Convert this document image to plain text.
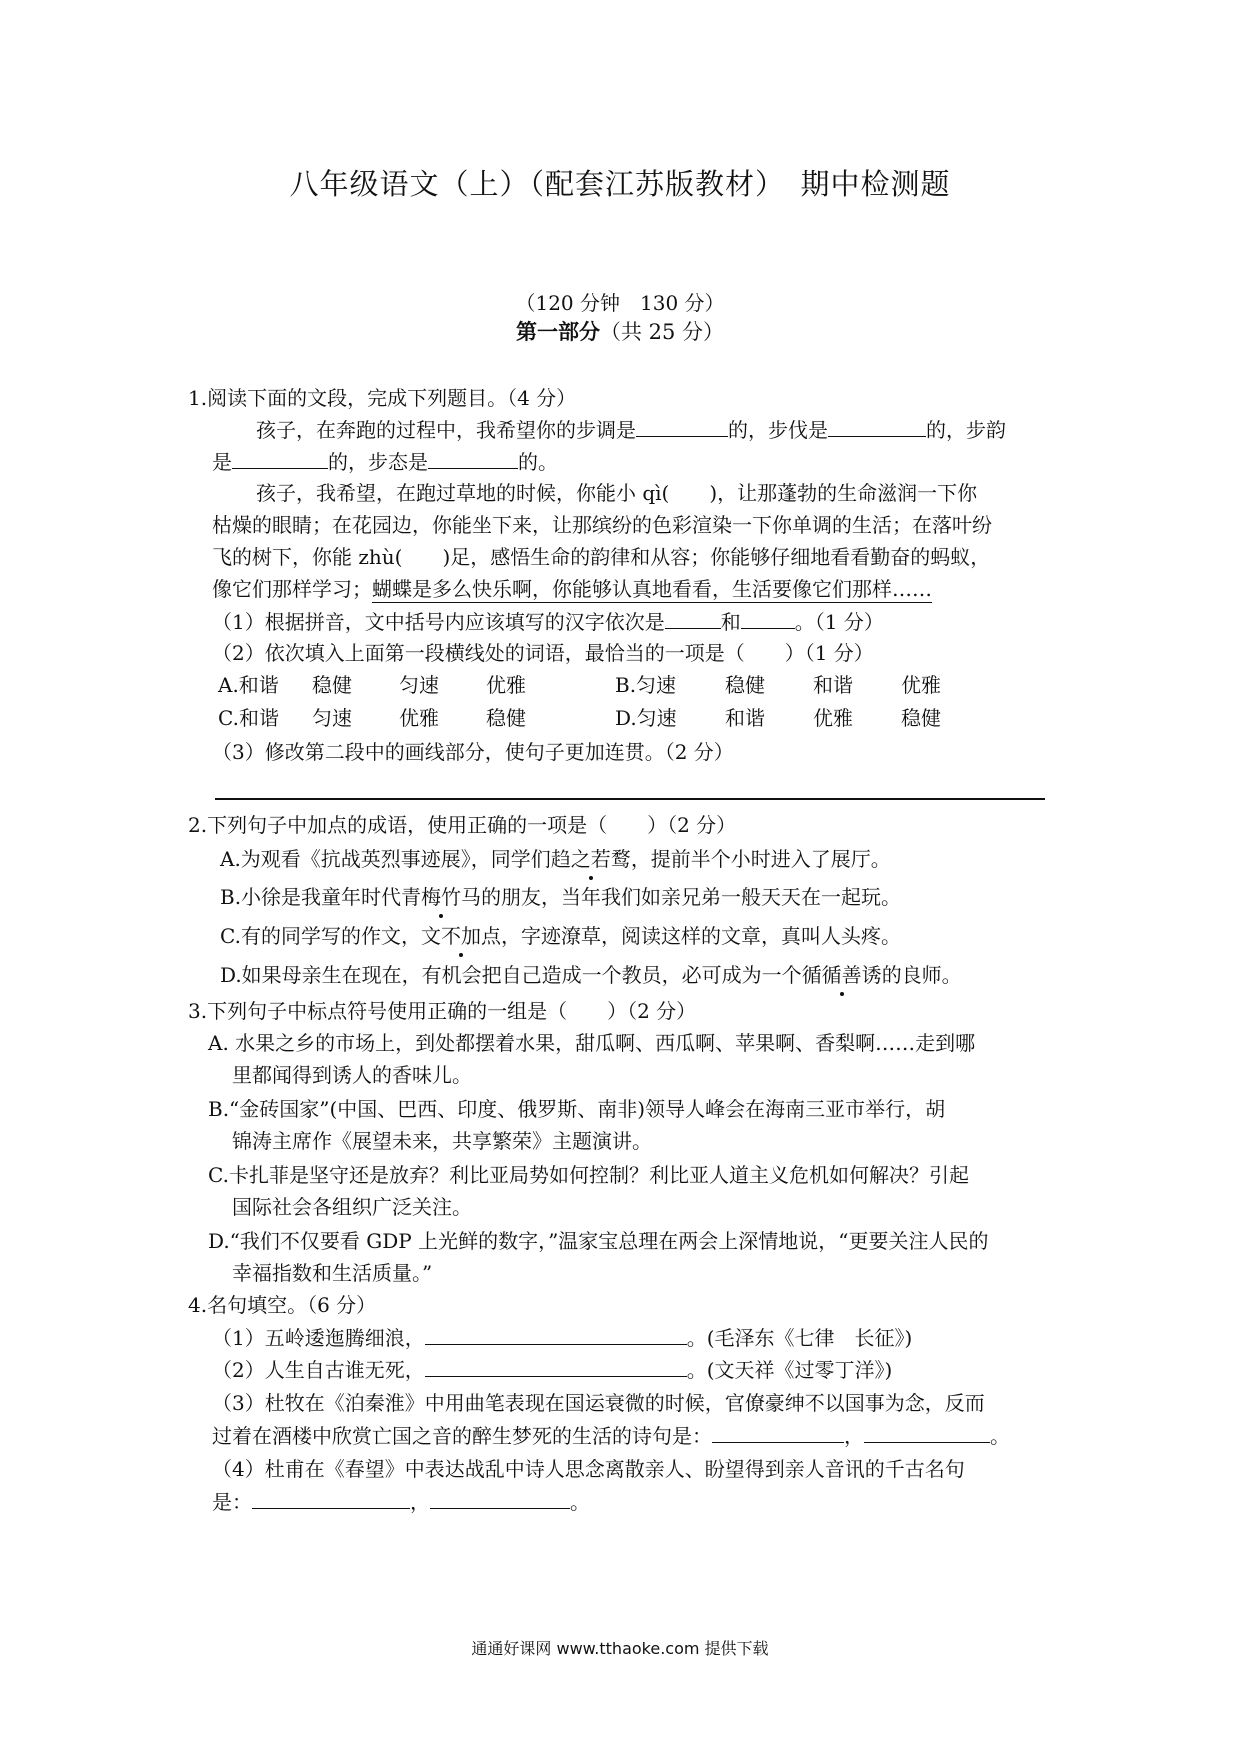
八年级语文（上）（配套江苏版教材）　期中检测题
（120 分钟　130 分）
第一部分（共 25 分）
1.阅读下面的文段，完成下列题目。（4 分）
孩子，在奔跑的过程中，我希望你的步调是	的，步伐是	的，步韵
是	的，步态是	的。
孩子，我希望，在跑过草地的时候，你能小 qì(　　)，让那蓬勃的生命滋润一下你
枯燥的眼睛；在花园边，你能坐下来，让那缤纷的色彩渲染一下你单调的生活；在落叶纷
飞的树下，你能 zhù(　　)足，感悟生命的韵律和从容；你能够仔细地看看勤奋的蚂蚁，
像它们那样学习；蝴蝶是多么快乐啊，你能够认真地看看，生活要像它们那样……
（1）根据拼音，文中括号内应该填写的汉字依次是	和	。（1 分）
（2）依次填入上面第一段横线处的词语，最恰当的一项是（　　）（1 分）
A.和谐 稳健 匀速 优雅	B.匀速 稳健 和谐 优雅
C.和谐 匀速 优雅 稳健	D.匀速 和谐 优雅 稳健
（3）修改第二段中的画线部分，使句子更加连贯。（2 分）
2.下列句子中加点的成语，使用正确的一项是（　　）（2 分）
A.为观看《抗战英烈事迹展》，同学们趋之若鹜，提前半个小时进入了展厅。
B.小徐是我童年时代青梅竹马的朋友，当年我们如亲兄弟一般天天在一起玩。
C.有的同学写的作文，文不加点，字迹潦草，阅读这样的文章，真叫人头疼。
D.如果母亲生在现在，有机会把自己造成一个教员，必可成为一个循循善诱的良师。
3.下列句子中标点符号使用正确的一组是（　　）（2 分）
A. 水果之乡的市场上，到处都摆着水果，甜瓜啊、西瓜啊、苹果啊、香梨啊……走到哪
里都闻得到诱人的香味儿。
B.“金砖国家”(中国、巴西、印度、俄罗斯、南非)领导人峰会在海南三亚市举行，胡
锦涛主席作《展望未来，共享繁荣》主题演讲。
C.卡扎菲是坚守还是放弃？利比亚局势如何控制？利比亚人道主义危机如何解决？引起
国际社会各组织广泛关注。
D.“我们不仅要看 GDP 上光鲜的数字，”温家宝总理在两会上深情地说，“更要关注人民的
幸福指数和生活质量。”
4.名句填空。（6 分）
（1）五岭逶迤腾细浪，	。(毛泽东《七律　长征》)
（2）人生自古谁无死，	。(文天祥《过零丁洋》)
（3）杜牧在《泊秦淮》中用曲笔表现在国运衰微的时候，官僚豪绅不以国事为念，反而
过着在酒楼中欣赏亡国之音的醉生梦死的生活的诗句是：	，	。
（4）杜甫在《春望》中表达战乱中诗人思念离散亲人、盼望得到亲人音讯的千古名句
是：	，	。
通通好课网 www.tthaoke.com 提供下载
